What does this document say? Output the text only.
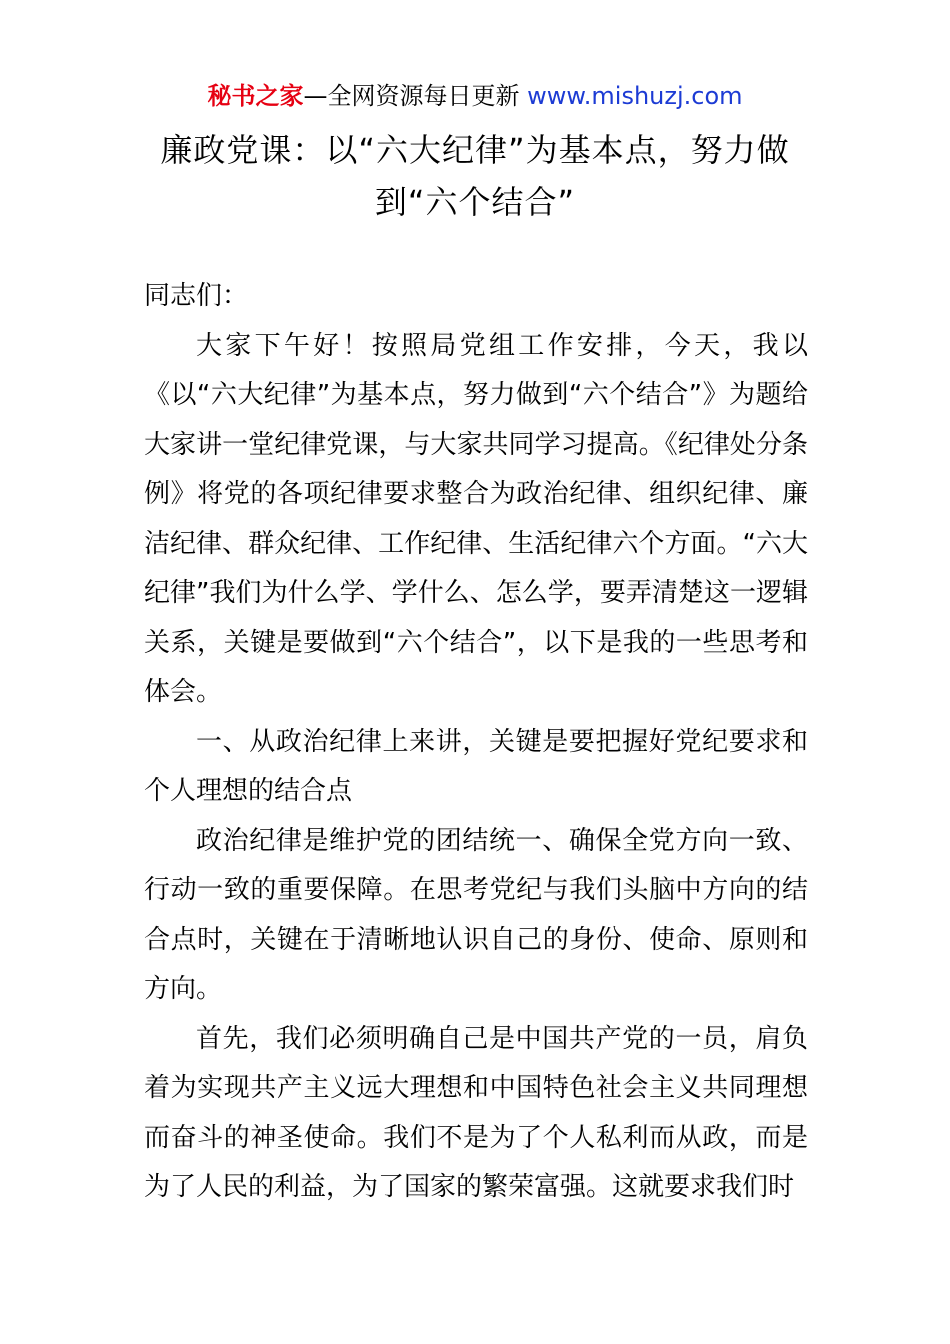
秘书之家—全网资源每日更新 www.mishuzj.com
廉政党课：以“六大纪律”为基本点，努力做
到“六个结合”

同志们：

大家下午好！按照局党组工作安排，今天，我以《以“六大纪律”为基本点，努力做到“六个结合”》为题给大家讲一堂纪律党课，与大家共同学习提高。《纪律处分条例》将党的各项纪律要求整合为政治纪律、组织纪律、廉洁纪律、群众纪律、工作纪律、生活纪律六个方面。“六大纪律”我们为什么学、学什么、怎么学，要弄清楚这一逻辑关系，关键是要做到“六个结合”，以下是我的一些思考和体会。

一、从政治纪律上来讲，关键是要把握好党纪要求和个人理想的结合点

政治纪律是维护党的团结统一、确保全党方向一致、行动一致的重要保障。在思考党纪与我们头脑中方向的结合点时，关键在于清晰地认识自己的身份、使命、原则和方向。

首先，我们必须明确自己是中国共产党的一员，肩负着为实现共产主义远大理想和中国特色社会主义共同理想而奋斗的神圣使命。我们不是为了个人私利而从政，而是为了人民的利益，为了国家的繁荣富强。这就要求我们时
